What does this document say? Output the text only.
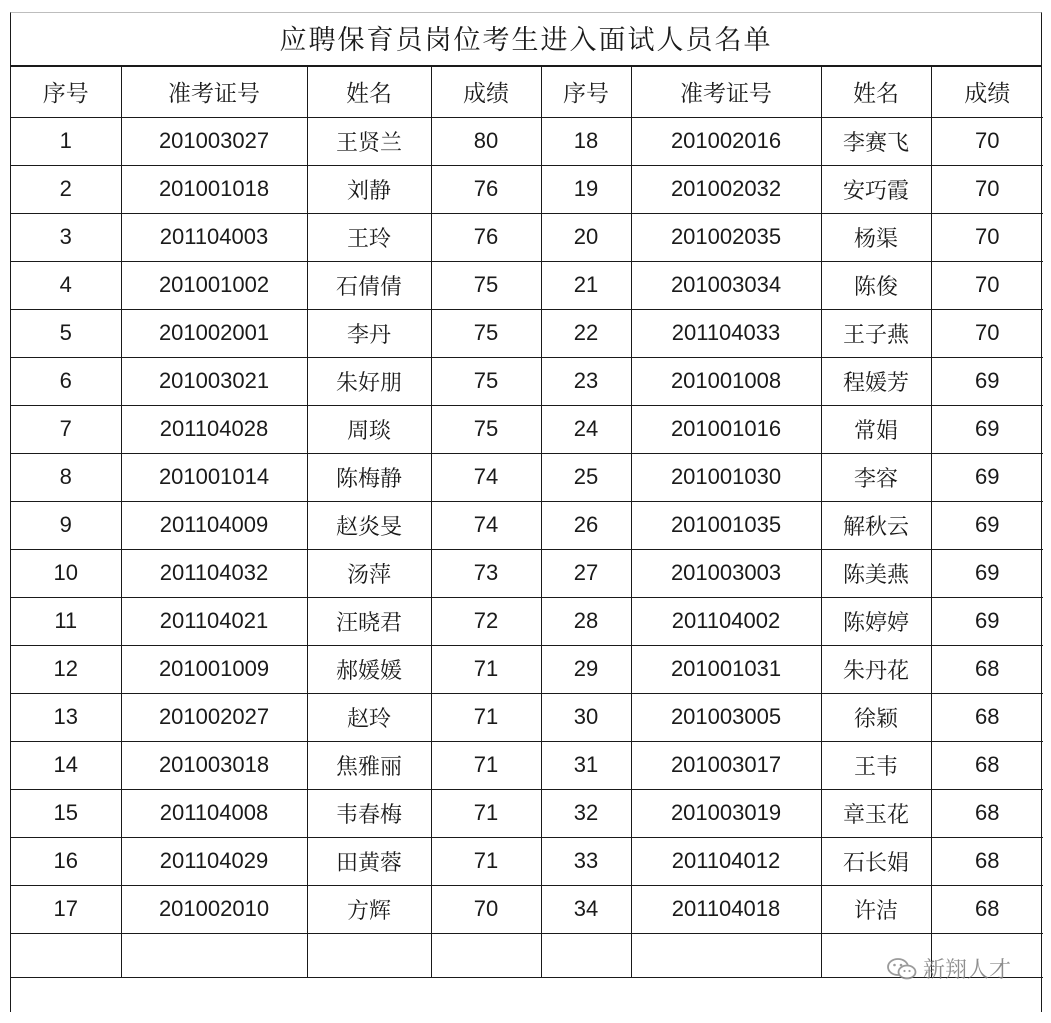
应聘保育员岗位考生进入面试人员名单
序号	准考证号	姓名	成绩	序号	准考证号	姓名	成绩
1	201003027	王贤兰	80	18	201002016	李赛飞	70
2	201001018	刘静	76	19	201002032	安巧霞	70
3	201104003	王玲	76	20	201002035	杨渠	70
4	201001002	石倩倩	75	21	201003034	陈俊	70
5	201002001	李丹	75	22	201104033	王子燕	70
6	201003021	朱好朋	75	23	201001008	程媛芳	69
7	201104028	周琰	75	24	201001016	常娟	69
8	201001014	陈梅静	74	25	201001030	李容	69
9	201104009	赵炎旻	74	26	201001035	解秋云	69
10	201104032	汤萍	73	27	201003003	陈美燕	69
11	201104021	汪晓君	72	28	201104002	陈婷婷	69
12	201001009	郝媛媛	71	29	201001031	朱丹花	68
13	201002027	赵玲	71	30	201003005	徐颖	68
14	201003018	焦雅丽	71	31	201003017	王韦	68
15	201104008	韦春梅	71	32	201003019	章玉花	68
16	201104029	田黄蓉	71	33	201104012	石长娟	68
17	201002010	方辉	70	34	201104018	许洁	68

新翔人才
